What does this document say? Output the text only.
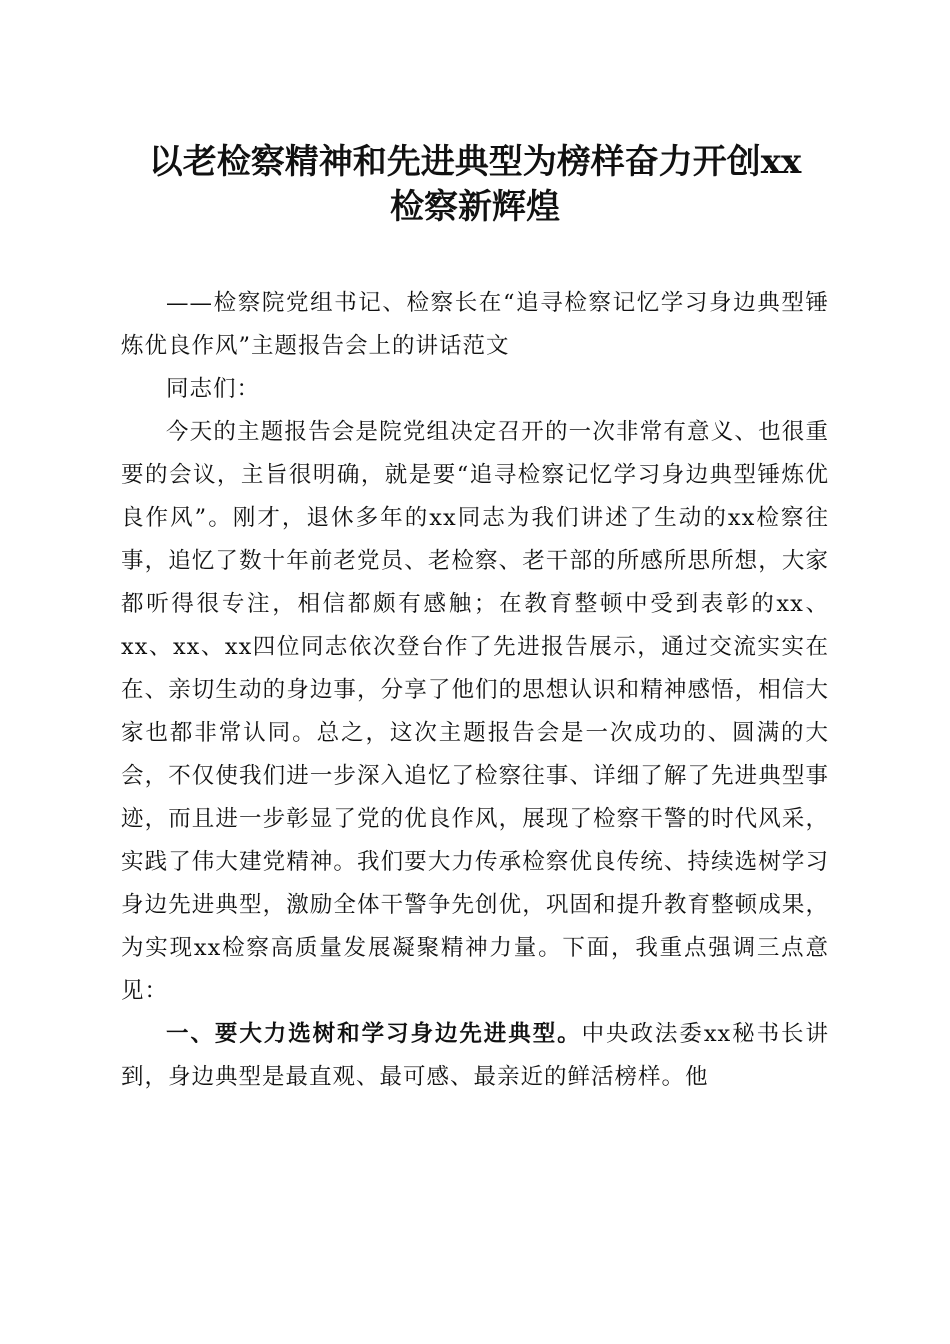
以老检察精神和先进典型为榜样奋力开创xx
检察新辉煌

——检察院党组书记、检察长在“追寻检察记忆学习身边典型锤炼优良作风”主题报告会上的讲话范文

同志们：

今天的主题报告会是院党组决定召开的一次非常有意义、也很重要的会议，主旨很明确，就是要“追寻检察记忆学习身边典型锤炼优良作风”。刚才，退休多年的xx同志为我们讲述了生动的xx检察往事，追忆了数十年前老党员、老检察、老干部的所感所思所想，大家都听得很专注，相信都颇有感触；在教育整顿中受到表彰的xx、xx、xx、xx四位同志依次登台作了先进报告展示，通过交流实实在在、亲切生动的身边事，分享了他们的思想认识和精神感悟，相信大家也都非常认同。总之，这次主题报告会是一次成功的、圆满的大会，不仅使我们进一步深入追忆了检察往事、详细了解了先进典型事迹，而且进一步彰显了党的优良作风，展现了检察干警的时代风采，实践了伟大建党精神。我们要大力传承检察优良传统、持续选树学习身边先进典型，激励全体干警争先创优，巩固和提升教育整顿成果，为实现xx检察高质量发展凝聚精神力量。下面，我重点强调三点意见：

一、要大力选树和学习身边先进典型。中央政法委xx秘书长讲到，身边典型是最直观、最可感、最亲近的鲜活榜样。他
